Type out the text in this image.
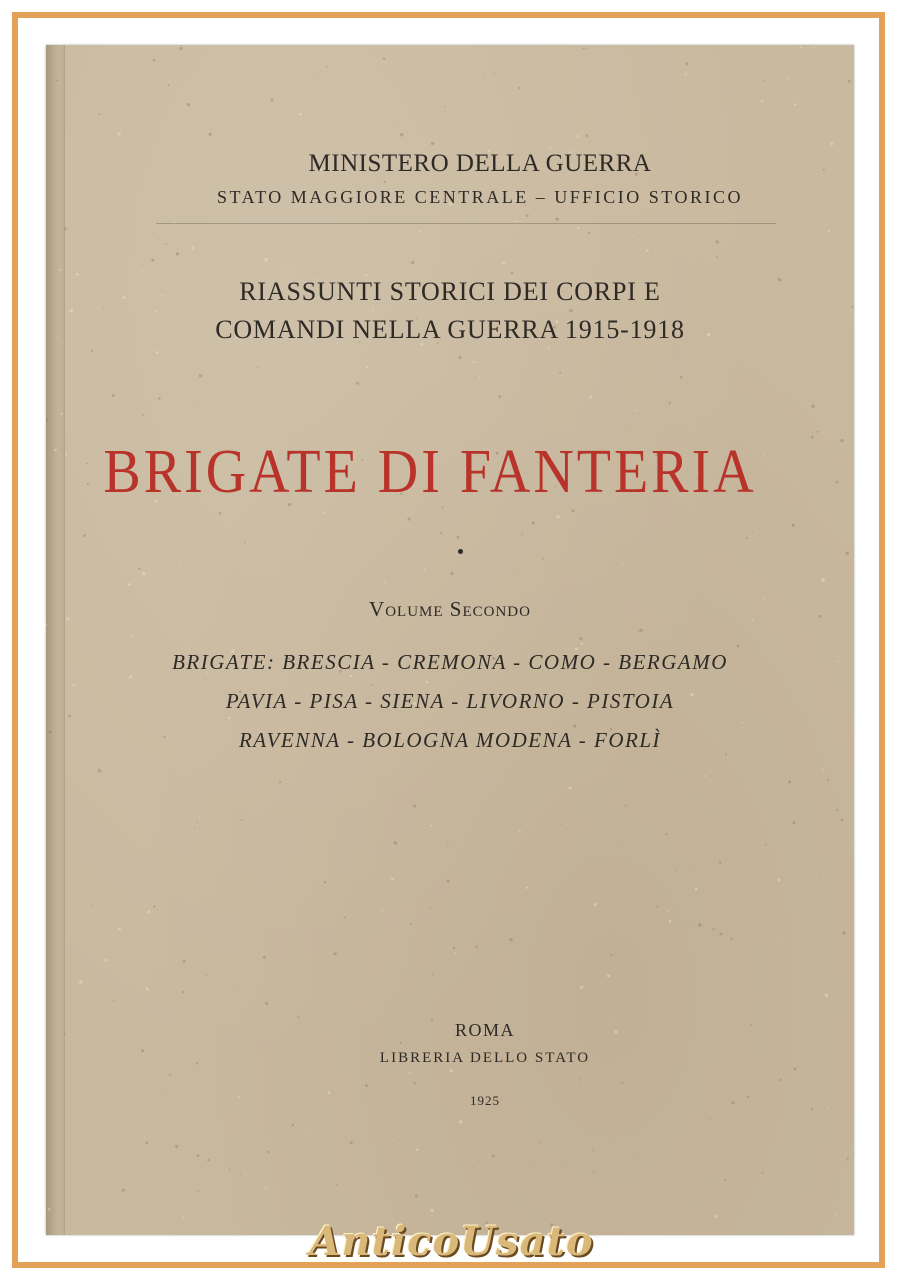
MINISTERO DELLA GUERRA
STATO MAGGIORE CENTRALE – UFFICIO STORICO
RIASSUNTI STORICI DEI CORPI E
COMANDI NELLA GUERRA 1915-1918
BRIGATE DI FANTERIA
Volume Secondo
BRIGATE: BRESCIA - CREMONA - COMO - BERGAMO
PAVIA - PISA - SIENA - LIVORNO - PISTOIA
RAVENNA - BOLOGNA MODENA - FORLÌ
ROMA
LIBRERIA DELLO STATO
1925
AnticoUsato
